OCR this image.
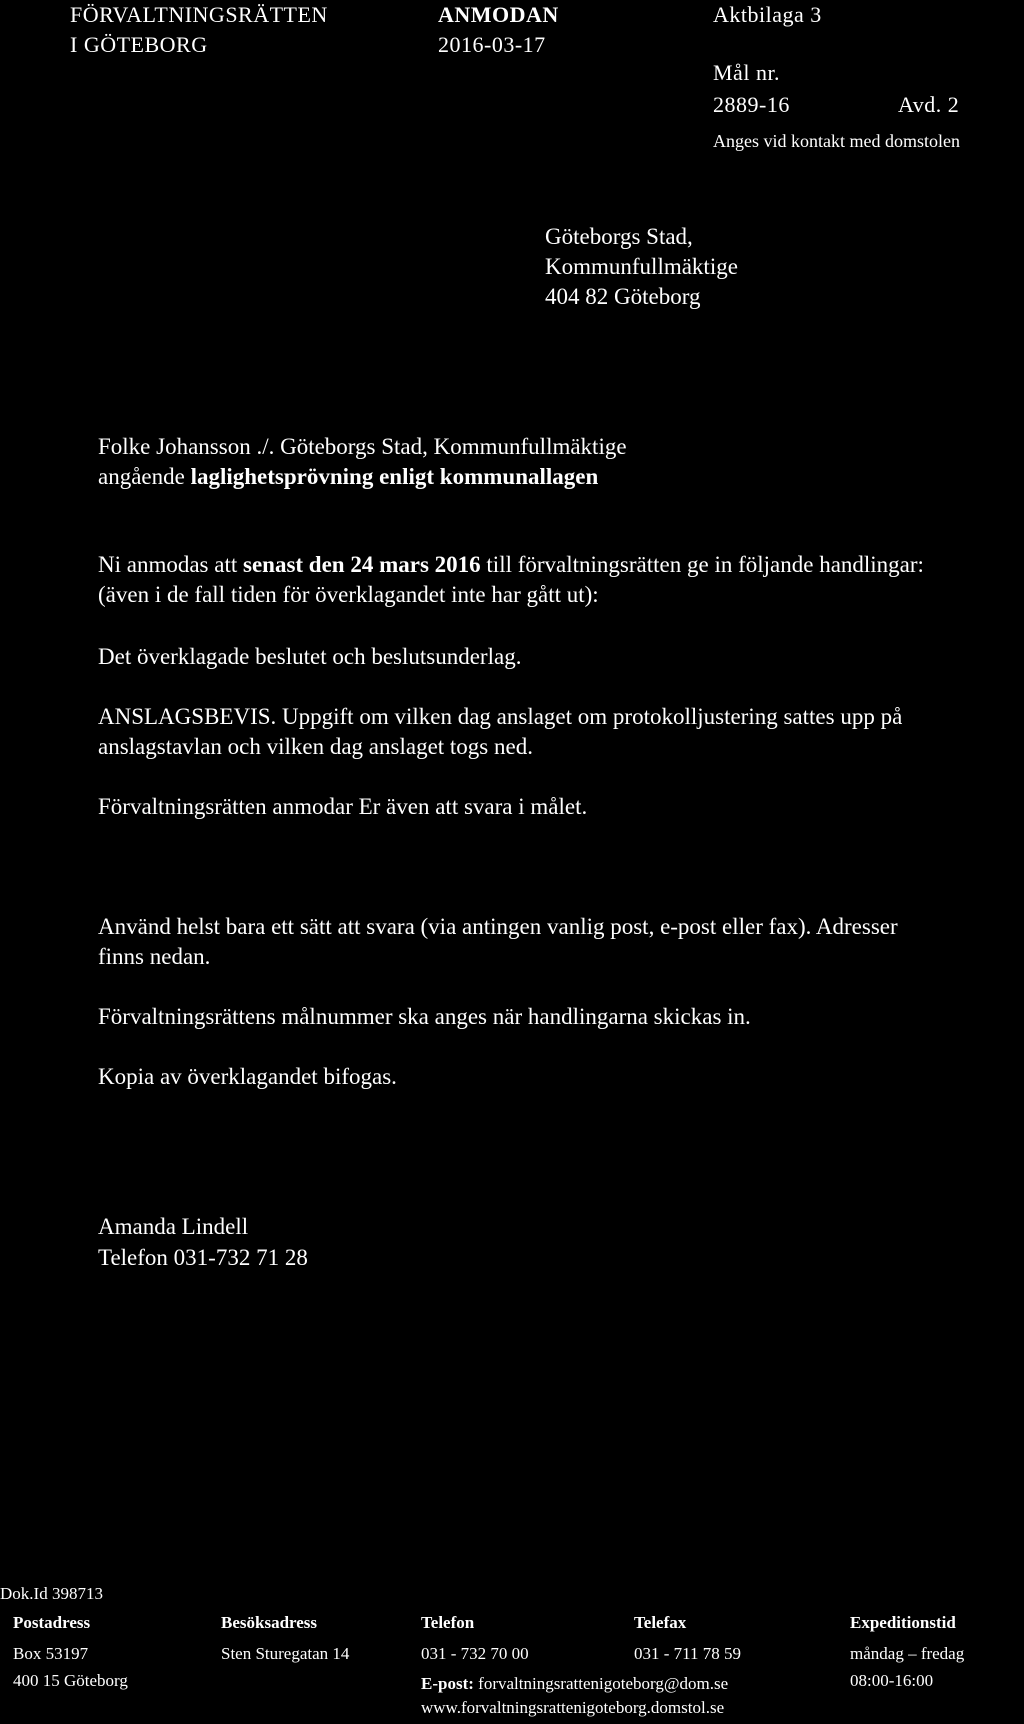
FÖRVALTNINGSRÄTTEN
I GÖTEBORG
ANMODAN
2016-03-17
Aktbilaga 3
Mål nr.
2889-16	Avd. 2
Anges vid kontakt med domstolen
Göteborgs Stad,
Kommunfullmäktige
404 82 Göteborg
Folke Johansson ./. Göteborgs Stad, Kommunfullmäktige
angående laglighetsprövning enligt kommunallagen
Ni anmodas att senast den 24 mars 2016 till förvaltningsrätten ge in följande handlingar:
(även i de fall tiden för överklagandet inte har gått ut):
Det överklagade beslutet och beslutsunderlag.
ANSLAGSBEVIS. Uppgift om vilken dag anslaget om protokolljustering sattes upp på
anslagstavlan och vilken dag anslaget togs ned.
Förvaltningsrätten anmodar Er även att svara i målet.
Använd helst bara ett sätt att svara (via antingen vanlig post, e-post eller fax). Adresser
finns nedan.
Förvaltningsrättens målnummer ska anges när handlingarna skickas in.
Kopia av överklagandet bifogas.
Amanda Lindell
Telefon 031-732 71 28
Dok.Id 398713
Postadress
Box 53197
400 15 Göteborg
Besöksadress
Sten Sturegatan 14
Telefon
031 - 732 70 00
Telefax
031 - 711 78 59
E-post: forvaltningsrattenigoteborg@dom.se
www.forvaltningsrattenigoteborg.domstol.se
Expeditionstid
måndag – fredag
08:00-16:00
